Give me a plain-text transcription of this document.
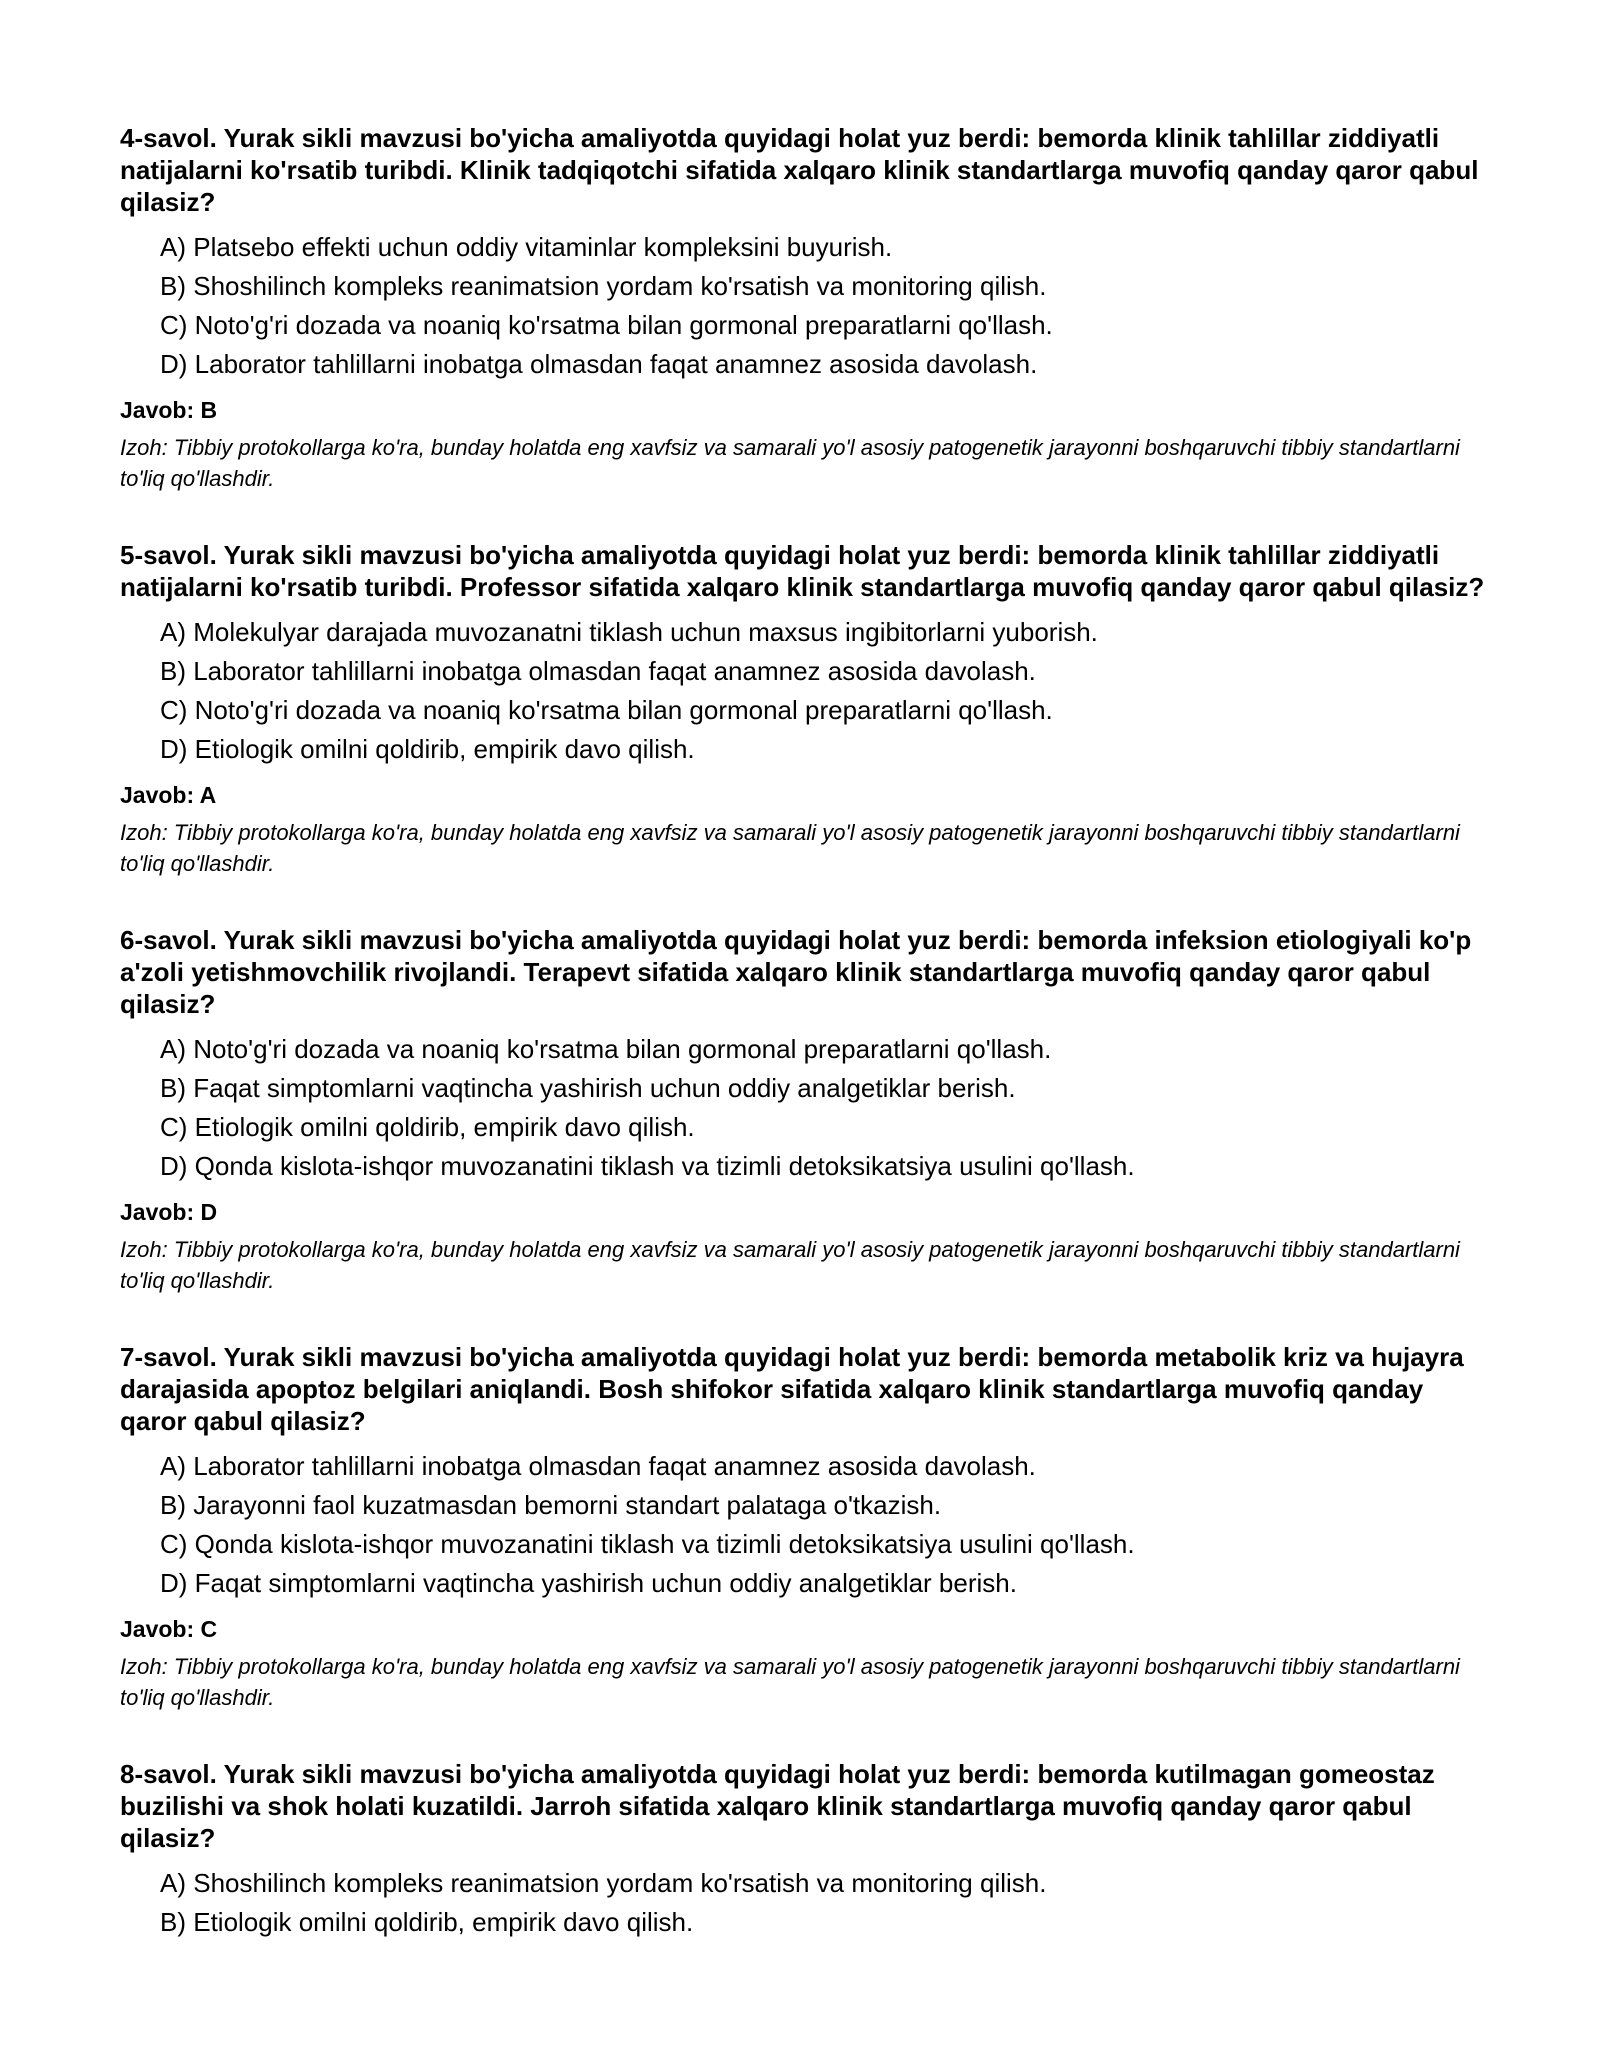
4-savol. Yurak sikli mavzusi bo'yicha amaliyotda quyidagi holat yuz berdi: bemorda klinik tahlillar ziddiyatli natijalarni ko'rsatib turibdi. Klinik tadqiqotchi sifatida xalqaro klinik standartlarga muvofiq qanday qaror qabul qilasiz?

A) Platsebo effekti uchun oddiy vitaminlar kompleksini buyurish.
B) Shoshilinch kompleks reanimatsion yordam ko'rsatish va monitoring qilish.
C) Noto'g'ri dozada va noaniq ko'rsatma bilan gormonal preparatlarni qo'llash.
D) Laborator tahlillarni inobatga olmasdan faqat anamnez asosida davolash.
Javob: B

Izoh: Tibbiy protokollarga ko'ra, bunday holatda eng xavfsiz va samarali yo'l asosiy patogenetik jarayonni boshqaruvchi tibbiy standartlarni to'liq qo'llashdir.

5-savol. Yurak sikli mavzusi bo'yicha amaliyotda quyidagi holat yuz berdi: bemorda klinik tahlillar ziddiyatli natijalarni ko'rsatib turibdi. Professor sifatida xalqaro klinik standartlarga muvofiq qanday qaror qabul qilasiz?

A) Molekulyar darajada muvozanatni tiklash uchun maxsus ingibitorlarni yuborish.
B) Laborator tahlillarni inobatga olmasdan faqat anamnez asosida davolash.
C) Noto'g'ri dozada va noaniq ko'rsatma bilan gormonal preparatlarni qo'llash.
D) Etiologik omilni qoldirib, empirik davo qilish.
Javob: A

Izoh: Tibbiy protokollarga ko'ra, bunday holatda eng xavfsiz va samarali yo'l asosiy patogenetik jarayonni boshqaruvchi tibbiy standartlarni to'liq qo'llashdir.

6-savol. Yurak sikli mavzusi bo'yicha amaliyotda quyidagi holat yuz berdi: bemorda infeksion etiologiyali ko'p a'zoli yetishmovchilik rivojlandi. Terapevt sifatida xalqaro klinik standartlarga muvofiq qanday qaror qabul qilasiz?

A) Noto'g'ri dozada va noaniq ko'rsatma bilan gormonal preparatlarni qo'llash.
B) Faqat simptomlarni vaqtincha yashirish uchun oddiy analgetiklar berish.
C) Etiologik omilni qoldirib, empirik davo qilish.
D) Qonda kislota-ishqor muvozanatini tiklash va tizimli detoksikatsiya usulini qo'llash.
Javob: D

Izoh: Tibbiy protokollarga ko'ra, bunday holatda eng xavfsiz va samarali yo'l asosiy patogenetik jarayonni boshqaruvchi tibbiy standartlarni to'liq qo'llashdir.

7-savol. Yurak sikli mavzusi bo'yicha amaliyotda quyidagi holat yuz berdi: bemorda metabolik kriz va hujayra darajasida apoptoz belgilari aniqlandi. Bosh shifokor sifatida xalqaro klinik standartlarga muvofiq qanday qaror qabul qilasiz?

A) Laborator tahlillarni inobatga olmasdan faqat anamnez asosida davolash.
B) Jarayonni faol kuzatmasdan bemorni standart palataga o'tkazish.
C) Qonda kislota-ishqor muvozanatini tiklash va tizimli detoksikatsiya usulini qo'llash.
D) Faqat simptomlarni vaqtincha yashirish uchun oddiy analgetiklar berish.
Javob: C

Izoh: Tibbiy protokollarga ko'ra, bunday holatda eng xavfsiz va samarali yo'l asosiy patogenetik jarayonni boshqaruvchi tibbiy standartlarni to'liq qo'llashdir.

8-savol. Yurak sikli mavzusi bo'yicha amaliyotda quyidagi holat yuz berdi: bemorda kutilmagan gomeostaz buzilishi va shok holati kuzatildi. Jarroh sifatida xalqaro klinik standartlarga muvofiq qanday qaror qabul qilasiz?

A) Shoshilinch kompleks reanimatsion yordam ko'rsatish va monitoring qilish.
B) Etiologik omilni qoldirib, empirik davo qilish.
